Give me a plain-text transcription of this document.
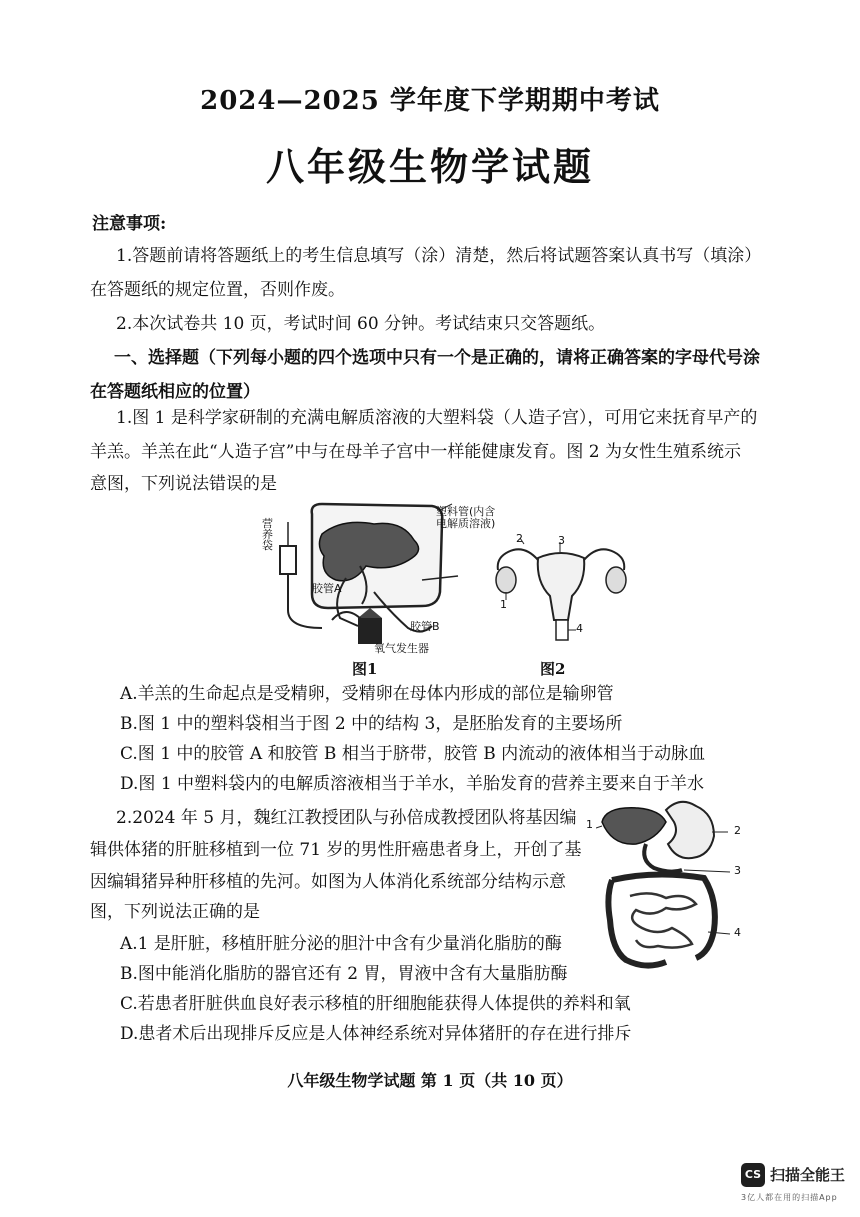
2024—2025 学年度下学期期中考试
八年级生物学试题
注意事项:
1.答题前请将答题纸上的考生信息填写（涂）清楚，然后将试题答案认真书写（填涂）
在答题纸的规定位置，否则作废。
2.本次试卷共 10 页，考试时间 60 分钟。考试结束只交答题纸。
一、选择题（下列每小题的四个选项中只有一个是正确的，请将正确答案的字母代号涂
在答题纸相应的位置）
1.图 1 是科学家研制的充满电解质溶液的大塑料袋（人造子宫），可用它来抚育早产的
羊羔。羊羔在此“人造子宫”中与在母羊子宫中一样能健康发育。图 2 为女性生殖系统示
意图，下列说法错误的是
塑料管(内含电解质溶液)
营养袋
胶管A
胶管B
氧气发生器
图1
1
2	3
4
图2
A.羊羔的生命起点是受精卵，受精卵在母体内形成的部位是输卵管
B.图 1 中的塑料袋相当于图 2 中的结构 3，是胚胎发育的主要场所
C.图 1 中的胶管 A 和胶管 B 相当于脐带，胶管 B 内流动的液体相当于动脉血
D.图 1 中塑料袋内的电解质溶液相当于羊水，羊胎发育的营养主要来自于羊水
2.2024 年 5 月，魏红江教授团队与孙倍成教授团队将基因编
辑供体猪的肝脏移植到一位 71 岁的男性肝癌患者身上，开创了基
因编辑猪异种肝移植的先河。如图为人体消化系统部分结构示意
图，下列说法正确的是
1	2
3
4
A.1 是肝脏，移植肝脏分泌的胆汁中含有少量消化脂肪的酶
B.图中能消化脂肪的器官还有 2 胃，胃液中含有大量脂肪酶
C.若患者肝脏供血良好表示移植的肝细胞能获得人体提供的养料和氧
D.患者术后出现排斥反应是人体神经系统对异体猪肝的存在进行排斥
八年级生物学试题 第 1 页（共 10 页）
CS 扫描全能王
3亿人都在用的扫描App
